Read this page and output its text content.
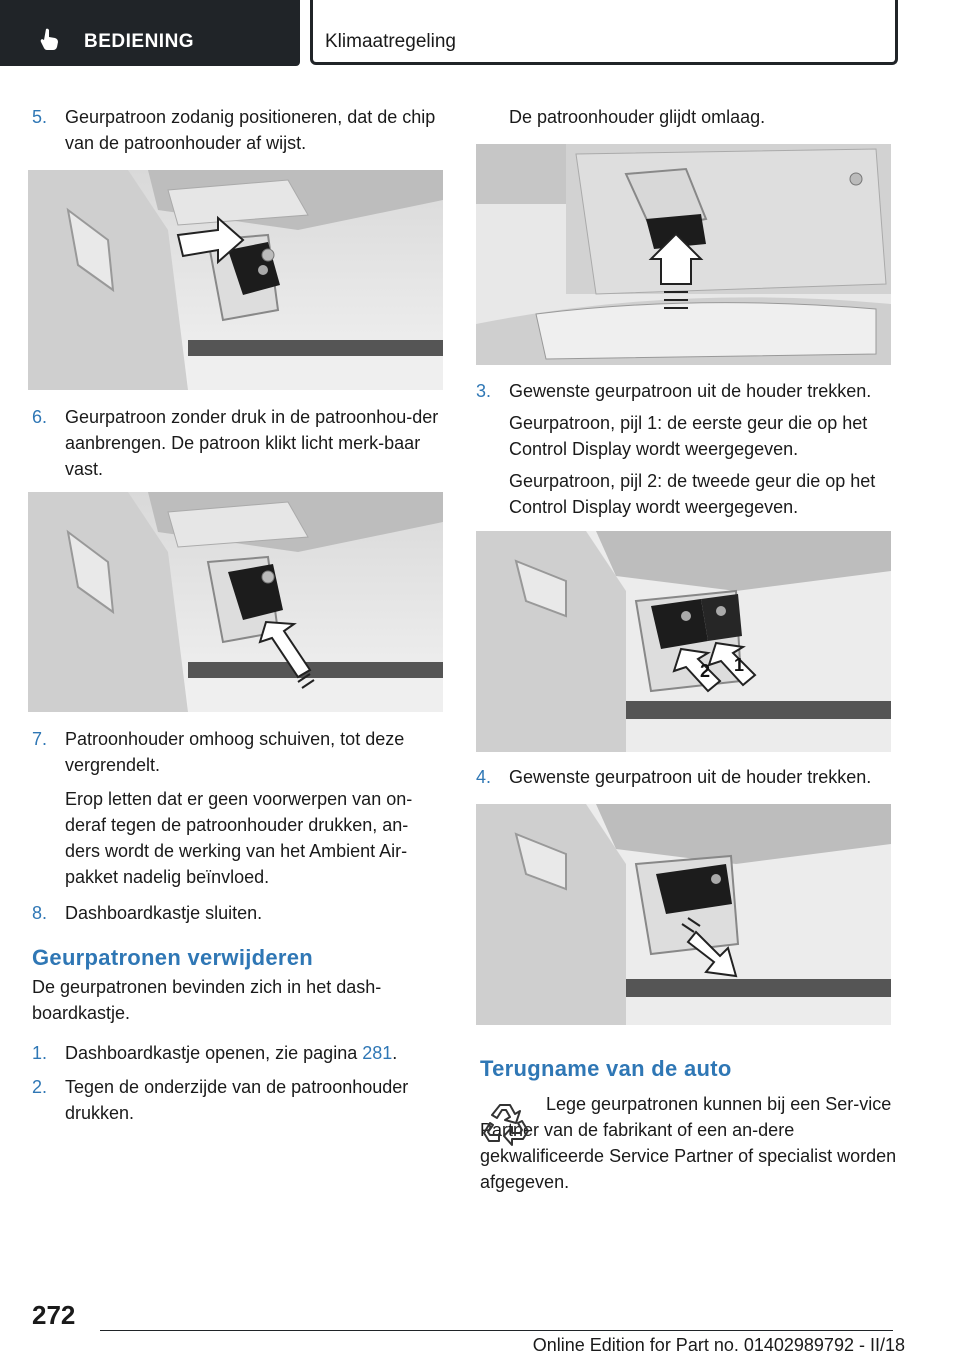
BEDIENING	Klimaatregeling
5. Geurpatroon zodanig positioneren, dat de chip van de patroonhouder af wijst.
6. Geurpatroon zonder druk in de patroonhou‐der aanbrengen. De patroon klikt licht merk‐baar vast.
7. Patroonhouder omhoog schuiven, tot deze vergrendelt.
Erop letten dat er geen voorwerpen van on‐deraf tegen de patroonhouder drukken, an‐ders wordt de werking van het Ambient Air-pakket nadelig beïnvloed.
8. Dashboardkastje sluiten.
Geurpatronen verwijderen
De geurpatronen bevinden zich in het dash‐boardkastje.
1. Dashboardkastje openen, zie pagina 281.
2. Tegen de onderzijde van de patroonhouder drukken.
De patroonhouder glijdt omlaag.
3. Gewenste geurpatroon uit de houder trekken.
Geurpatroon, pijl 1: de eerste geur die op het Control Display wordt weergegeven.
Geurpatroon, pijl 2: de tweede geur die op het Control Display wordt weergegeven.
2 1
4. Gewenste geurpatroon uit de houder trekken.
Terugname van de auto
Lege geurpatronen kunnen bij een Ser‐vice Partner van de fabrikant of een an‐dere gekwalificeerde Service Partner of specialist worden afgegeven.
272
Online Edition for Part no. 01402989792 - II/18
